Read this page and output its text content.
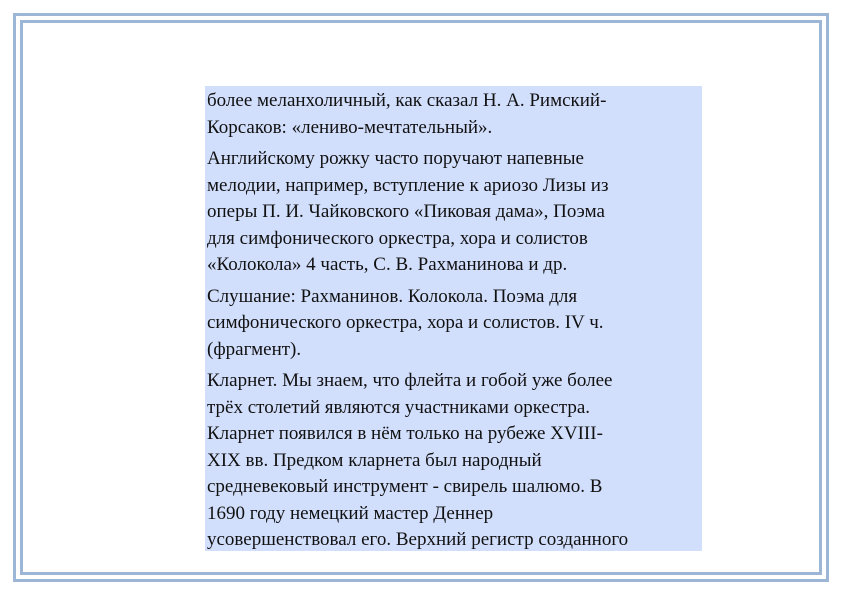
более меланхоличный, как сказал Н. А. Римский-
Корсаков: «лениво-мечтательный».

Английскому рожку часто поручают напевные
мелодии, например, вступление к ариозо Лизы из
оперы П. И. Чайковского «Пиковая дама», Поэма
для симфонического оркестра, хора и солистов
«Колокола» 4 часть, С. В. Рахманинова и др.

Слушание: Рахманинов. Колокола. Поэма для
симфонического оркестра, хора и солистов. IV ч.
(фрагмент).

Кларнет. Мы знаем, что флейта и гобой уже более
трёх столетий являются участниками оркестра.
Кларнет появился в нём только на рубеже XVIII-
XIX вв. Предком кларнета был народный
средневековый инструмент - свирель шалюмо. В
1690 году немецкий мастер Деннер
усовершенствовал его. Верхний регистр созданного
